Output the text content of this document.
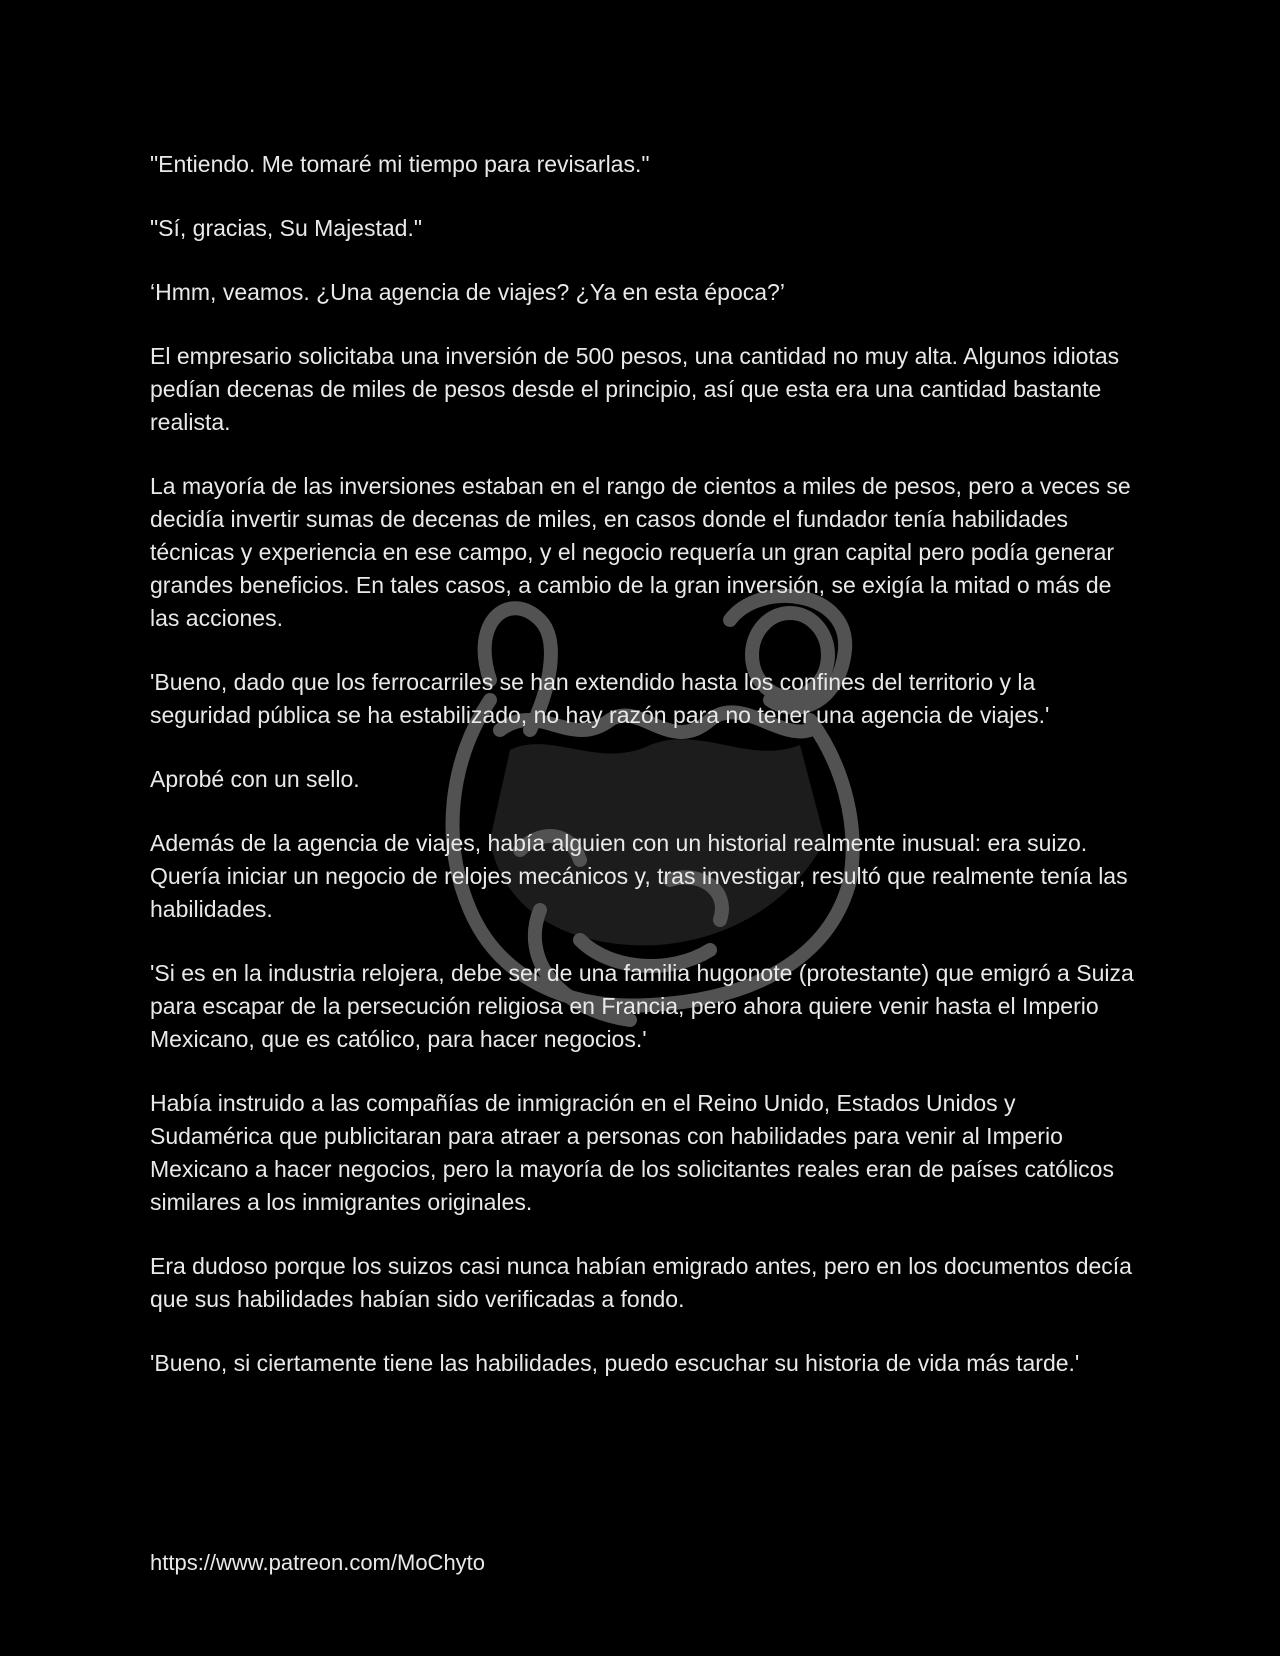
"Entiendo. Me tomaré mi tiempo para revisarlas."

"Sí, gracias, Su Majestad."

‘Hmm, veamos. ¿Una agencia de viajes? ¿Ya en esta época?’

El empresario solicitaba una inversión de 500 pesos, una cantidad no muy alta. Algunos idiotas pedían decenas de miles de pesos desde el principio, así que esta era una cantidad bastante realista.

La mayoría de las inversiones estaban en el rango de cientos a miles de pesos, pero a veces se decidía invertir sumas de decenas de miles, en casos donde el fundador tenía habilidades técnicas y experiencia en ese campo, y el negocio requería un gran capital pero podía generar grandes beneficios. En tales casos, a cambio de la gran inversión, se exigía la mitad o más de las acciones.

'Bueno, dado que los ferrocarriles se han extendido hasta los confines del territorio y la seguridad pública se ha estabilizado, no hay razón para no tener una agencia de viajes.'

Aprobé con un sello.

Además de la agencia de viajes, había alguien con un historial realmente inusual: era suizo. Quería iniciar un negocio de relojes mecánicos y, tras investigar, resultó que realmente tenía las habilidades.

'Si es en la industria relojera, debe ser de una familia hugonote (protestante) que emigró a Suiza para escapar de la persecución religiosa en Francia, pero ahora quiere venir hasta el Imperio Mexicano, que es católico, para hacer negocios.'

Había instruido a las compañías de inmigración en el Reino Unido, Estados Unidos y Sudamérica que publicitaran para atraer a personas con habilidades para venir al Imperio Mexicano a hacer negocios, pero la mayoría de los solicitantes reales eran de países católicos similares a los inmigrantes originales.

Era dudoso porque los suizos casi nunca habían emigrado antes, pero en los documentos decía que sus habilidades habían sido verificadas a fondo.

'Bueno, si ciertamente tiene las habilidades, puedo escuchar su historia de vida más tarde.'

https://www.patreon.com/MoChyto
